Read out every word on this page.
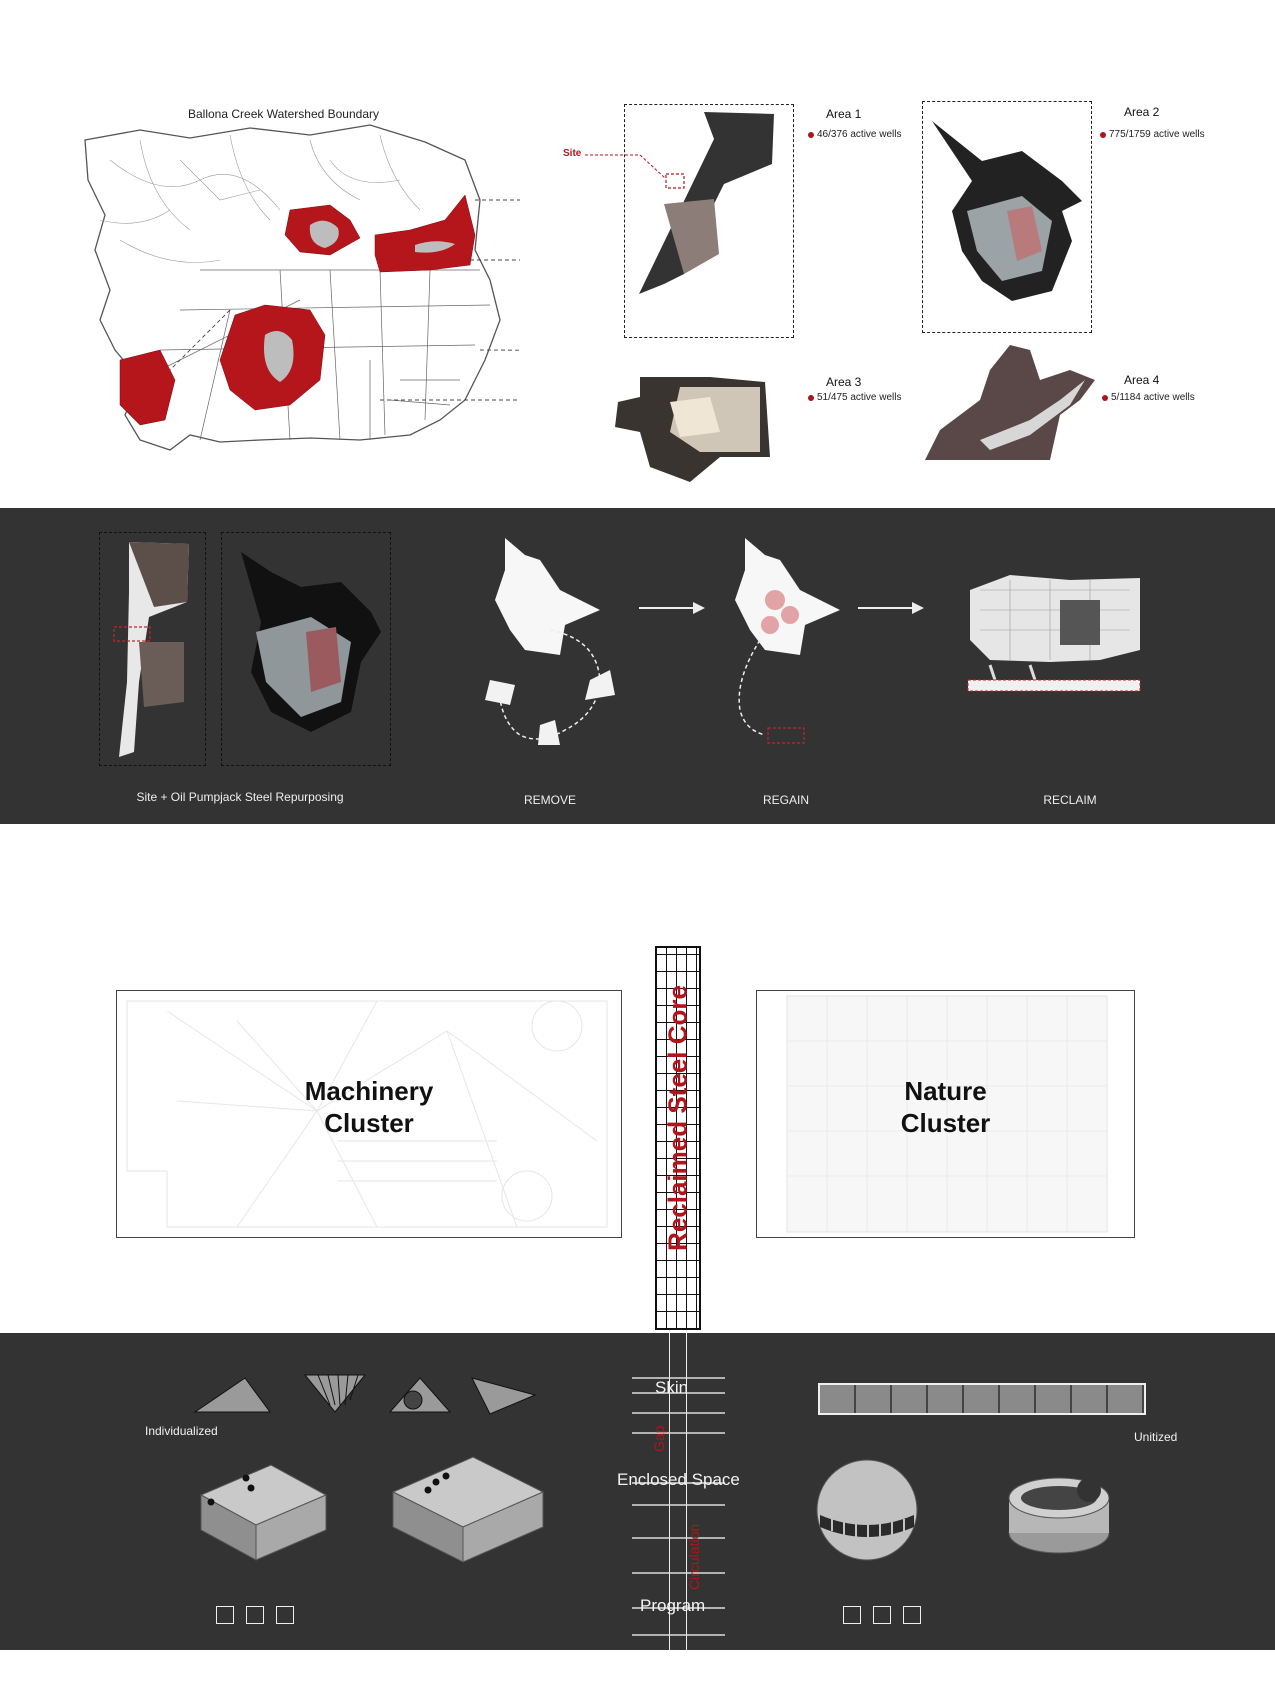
Ballona Creek Watershed Boundary
Site
Area 1
46/376 active wells
Area 2
775/1759 active wells
Area 3
51/475 active wells
Area 4
5/1184 active wells
Site + Oil Pumpjack Steel Repurposing	REMOVE	REGAIN	RECLAIM
Machinery
Cluster
Nature
Cluster
Reclaimed Steel Core
Individualized
Skin
Gap
Enclosed Space
Circulation
Program
Unitized
